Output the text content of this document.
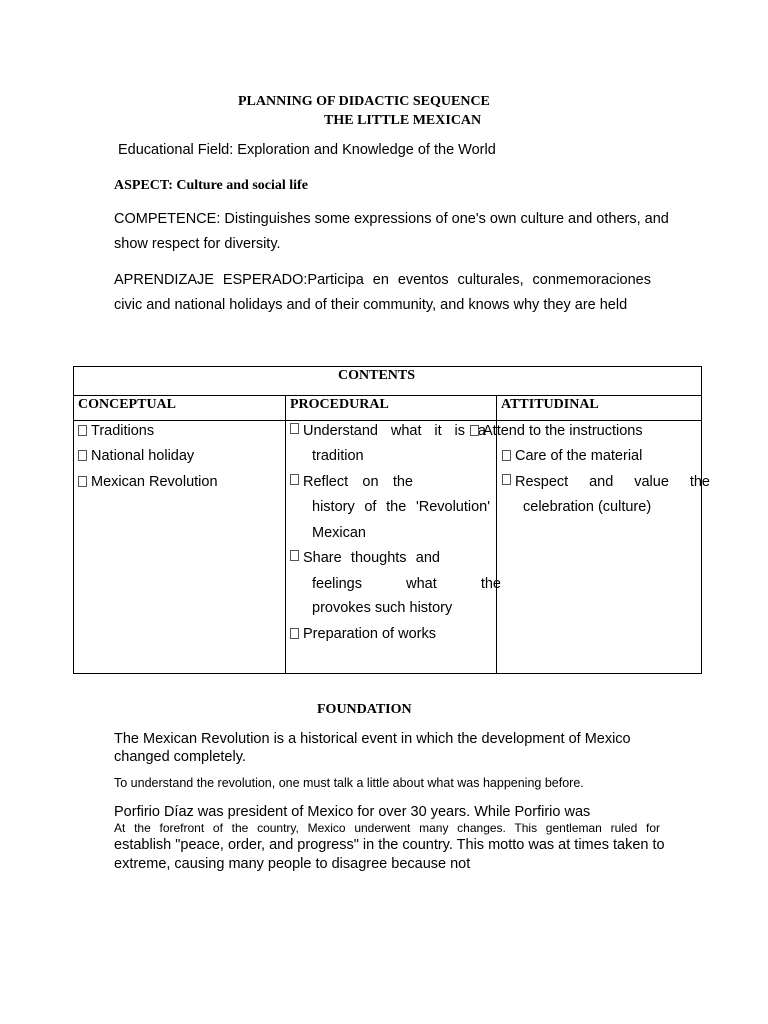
PLANNING OF DIDACTIC SEQUENCE
THE LITTLE MEXICAN
Educational Field: Exploration and Knowledge of the World
ASPECT: Culture and social life
COMPETENCE: Distinguishes some expressions of one's own culture and others, and
show respect for diversity.
APRENDIZAJE ESPERADO:Participa en eventos culturales, conmemoraciones
civic and national holidays and of their community, and knows why they are held
CONTENTS
CONCEPTUAL	PROCEDURAL	ATTITUDINAL
Traditions
National holiday
Mexican Revolution
Understand what it is a
tradition
Reflect on the
history of the 'Revolution'
Mexican
Share thoughts and
feelings what the
provokes such history
Preparation of works
Attend to the instructions
Care of the material
Respect and value the
celebration (culture)
FOUNDATION
The Mexican Revolution is a historical event in which the development of Mexico
changed completely.
To understand the revolution, one must talk a little about what was happening before.
Porfirio Díaz was president of Mexico for over 30 years. While Porfirio was
At the forefront of the country, Mexico underwent many changes. This gentleman ruled for
establish "peace, order, and progress" in the country. This motto was at times taken to
extreme, causing many people to disagree because not
